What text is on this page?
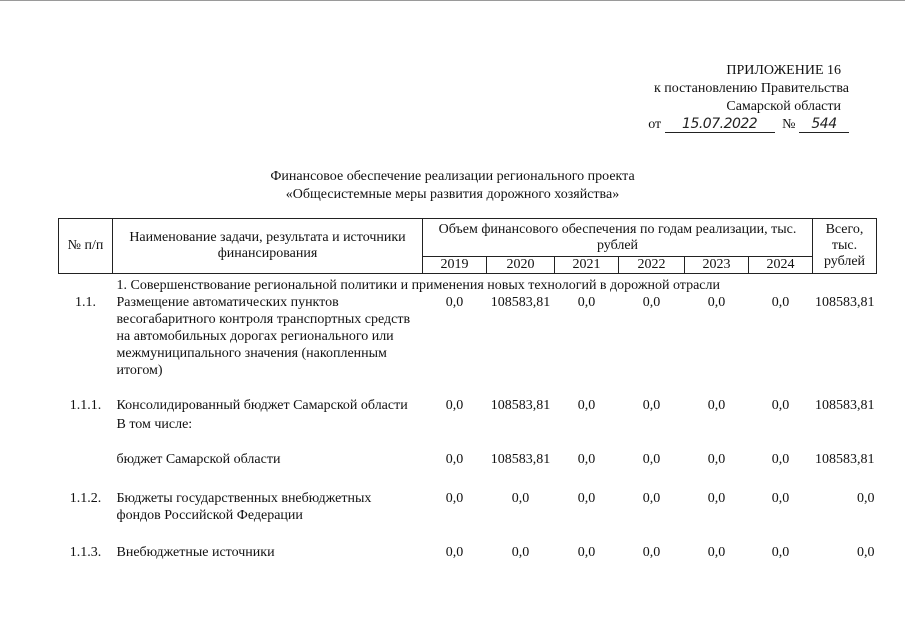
ПРИЛОЖЕНИЕ 16
к постановлению Правительства
Самарской области
от 15.07.2022 № 544
Финансовое обеспечение реализации регионального проекта
«Общесистемные меры развития дорожного хозяйства»
№ п/п	Наименование задачи, результата и источники финансирования	Объем финансового обеспечения по годам реализации, тыс. рублей						Всего, тыс. рублей
		2019	2020	2021	2022	2023	2024	
	1. Совершенствование региональной политики и применения новых технологий в дорожной отрасли							
1.1.	Размещение автоматических пунктов весогабаритного контроля транспортных средств на автомобильных дорогах регионального или межмуниципального значения (накопленным итогом)	0,0	108583,81	0,0	0,0	0,0	0,0	108583,81

1.1.1.	Консолидированный бюджет Самарской области	0,0	108583,81	0,0	0,0	0,0	0,0	108583,81
	В том числе:							

	бюджет Самарской области	0,0	108583,81	0,0	0,0	0,0	0,0	108583,81

1.1.2.	Бюджеты государственных внебюджетных фондов Российской Федерации	0,0	0,0	0,0	0,0	0,0	0,0	0,0

1.1.3.	Внебюджетные источники	0,0	0,0	0,0	0,0	0,0	0,0	0,0
